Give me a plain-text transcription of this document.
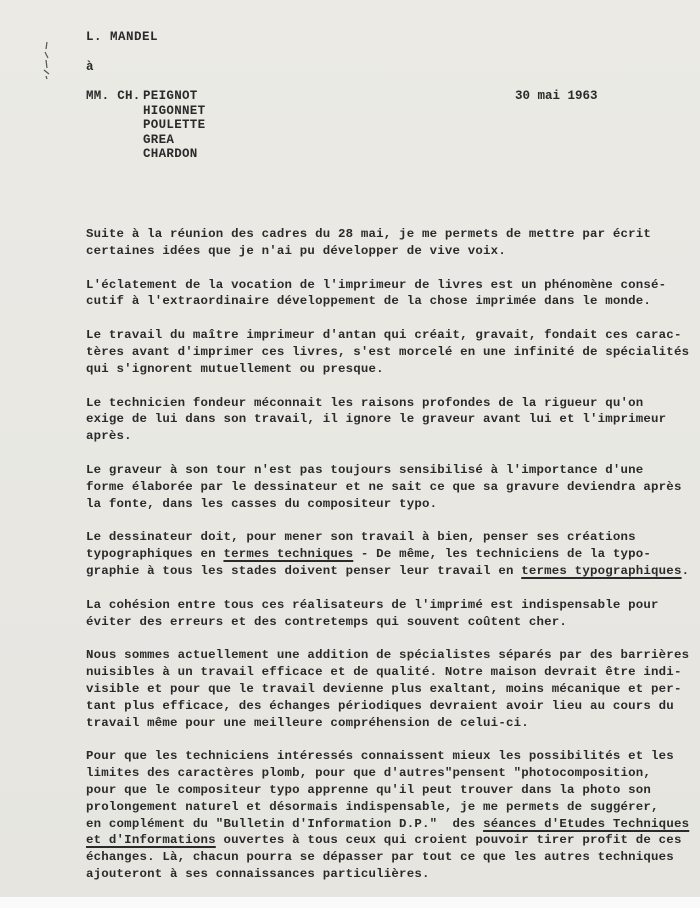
L. MANDEL
à
MM. CH. PEIGNOT
HIGONNET
POULETTE
GREA
CHARDON
30 mai 1963
Suite à la réunion des cadres du 28 mai, je me permets de mettre par écrit
certaines idées que je n'ai pu développer de vive voix.
L'éclatement de la vocation de l'imprimeur de livres est un phénomène consé-
cutif à l'extraordinaire développement de la chose imprimée dans le monde.
Le travail du maître imprimeur d'antan qui créait, gravait, fondait ces carac-
tères avant d'imprimer ces livres, s'est morcelé en une infinité de spécialités
qui s'ignorent mutuellement ou presque.
Le technicien fondeur méconnait les raisons profondes de la rigueur qu'on
exige de lui dans son travail, il ignore le graveur avant lui et l'imprimeur
après.
Le graveur à son tour n'est pas toujours sensibilisé à l'importance d'une
forme élaborée par le dessinateur et ne sait ce que sa gravure deviendra après
la fonte, dans les casses du compositeur typo.
Le dessinateur doit, pour mener son travail à bien, penser ses créations
typographiques en termes techniques - De même, les techniciens de la typo-
graphie à tous les stades doivent penser leur travail en termes typographiques.
La cohésion entre tous ces réalisateurs de l'imprimé est indispensable pour
éviter des erreurs et des contretemps qui souvent coûtent cher.
Nous sommes actuellement une addition de spécialistes séparés par des barrières
nuisibles à un travail efficace et de qualité. Notre maison devrait être indi-
visible et pour que le travail devienne plus exaltant, moins mécanique et per-
tant plus efficace, des échanges périodiques devraient avoir lieu au cours du
travail même pour une meilleure compréhension de celui-ci.
Pour que les techniciens intéressés connaissent mieux les possibilités et les
limites des caractères plomb, pour que d'autres"pensent "photocomposition,
pour que le compositeur typo apprenne qu'il peut trouver dans la photo son
prolongement naturel et désormais indispensable, je me permets de suggérer,
en complément du "Bulletin d'Information D.P."  des séances d'Etudes Techniques
et d'Informations ouvertes à tous ceux qui croient pouvoir tirer profit de ces
échanges. Là, chacun pourra se dépasser par tout ce que les autres techniques
ajouteront à ses connaissances particulières.
